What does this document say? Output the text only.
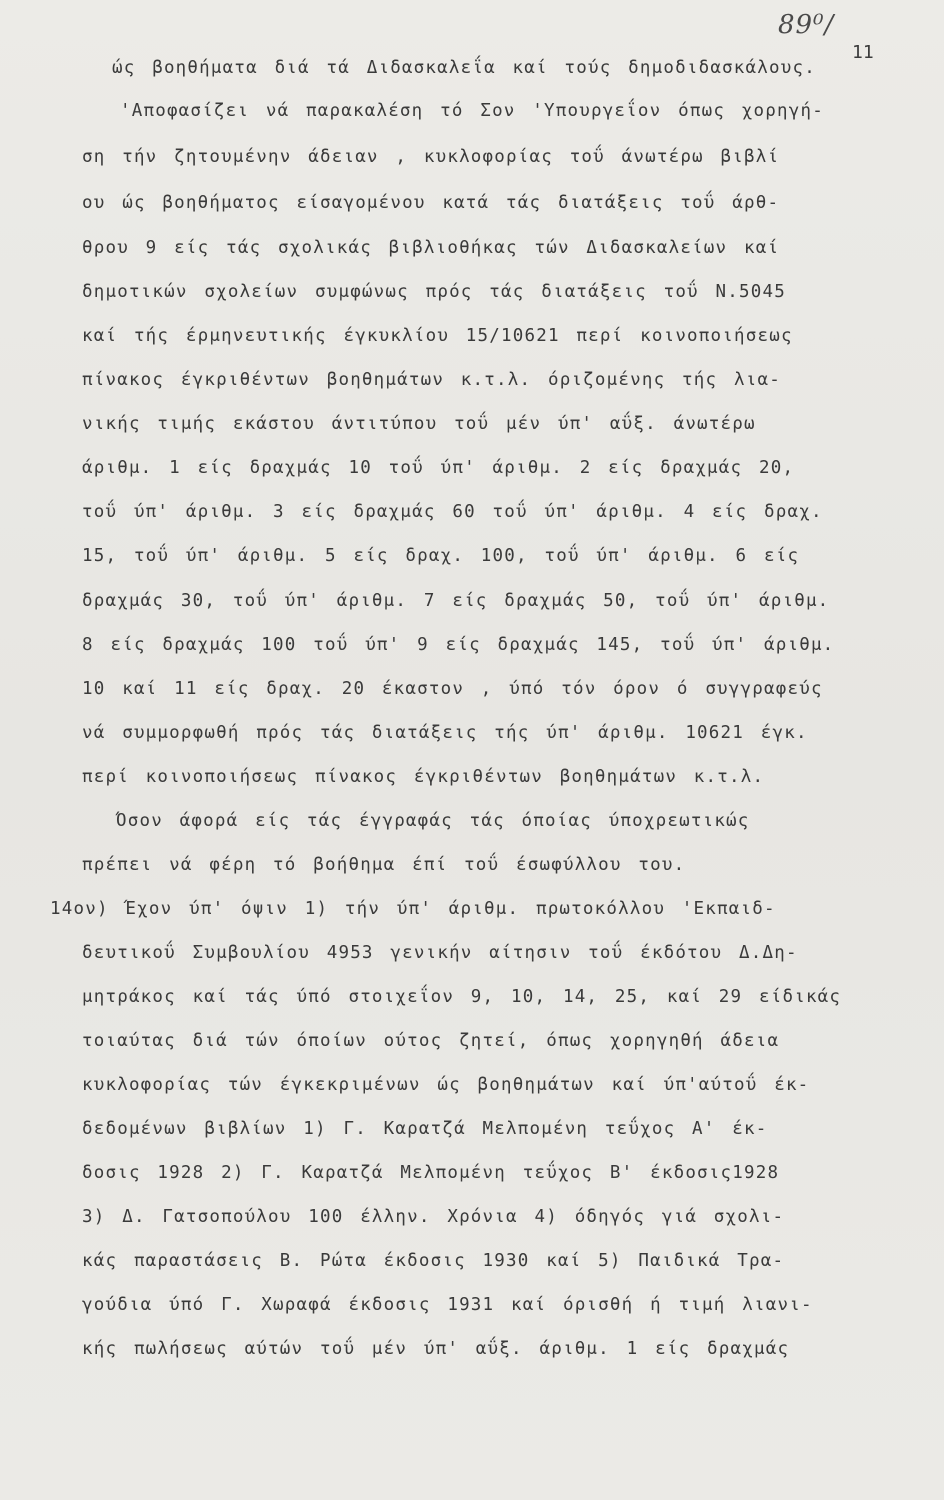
89⁰/
11
ώς βοηθήματα διά τά Διδασκαλεΐα καί τούς δημοδιδασκάλους.
'Αποφασίζει νά παρακαλέση τό Σον 'Υπουργεΐον όπως χορηγή-
ση τήν ζητουμένην άδειαν , κυκλοφορίας τοΰ άνωτέρω βιβλί
ου ώς βοηθήματος είσαγομένου κατά τάς διατάξεις τοΰ άρθ-
θρου 9 είς τάς σχολικάς βιβλιοθήκας τών Διδασκαλείων καί
δημοτικών σχολείων συμφώνως πρός τάς διατάξεις τοΰ Ν.5045
καί τής έρμηνευτικής έγκυκλίου 15/10621 περί κοινοποιήσεως
πίνακος έγκριθέντων βοηθημάτων κ.τ.λ. όριζομένης τής λια-
νικής τιμής εκάστου άντιτύπου τοΰ μέν ύπ' αΰξ. άνωτέρω
άριθμ. 1 είς δραχμάς 10 τοΰ ύπ' άριθμ. 2 είς δραχμάς 20,
τοΰ ύπ' άριθμ. 3 είς δραχμάς 60 τοΰ ύπ' άριθμ. 4 είς δραχ.
15, τοΰ ύπ' άριθμ. 5 είς δραχ. 100, τοΰ ύπ' άριθμ. 6 είς
δραχμάς 30, τοΰ ύπ' άριθμ. 7 είς δραχμάς 50, τοΰ ύπ' άριθμ.
8 είς δραχμάς 100 τοΰ ύπ' 9 είς δραχμάς 145, τοΰ ύπ' άριθμ.
10 καί 11 είς δραχ. 20 έκαστον , ύπό τόν όρον ό συγγραφεύς
νά συμμορφωθή πρός τάς διατάξεις τής ύπ' άριθμ. 10621 έγκ.
περί κοινοποιήσεως πίνακος έγκριθέντων βοηθημάτων κ.τ.λ.
Όσον άφορά είς τάς έγγραφάς τάς όποίας ύποχρεωτικώς
πρέπει νά φέρη τό βοήθημα έπί τοΰ έσωφύλλου του.
14ον) Έχον ύπ' όψιν 1) τήν ύπ' άριθμ. πρωτοκόλλου 'Εκπαιδ-
δευτικοΰ Συμβουλίου 4953 γενικήν αίτησιν τοΰ έκδότου Δ.Δη-
μητράκος καί τάς ύπό στοιχεΐον 9, 10, 14, 25, καί 29 είδικάς
τοιαύτας διά τών όποίων ούτος ζητεί, όπως χορηγηθή άδεια
κυκλοφορίας τών έγκεκριμένων ώς βοηθημάτων καί ύπ'αύτοΰ έκ-
δεδομένων βιβλίων 1) Γ. Καρατζά Μελπομένη τεΰχος Α' έκ-
δοσις 1928 2) Γ. Καρατζά Μελπομένη τεΰχος Β' έκδοσις1928
3) Δ. Γατσοπούλου 100 έλλην. Χρόνια 4) όδηγός γιά σχολι-
κάς παραστάσεις Β. Ρώτα έκδοσις 1930 καί 5) Παιδικά Τρα-
γούδια ύπό Γ. Χωραφά έκδοσις 1931 καί όρισθή ή τιμή λιανι-
κής πωλήσεως αύτών τοΰ μέν ύπ' αΰξ. άριθμ. 1 είς δραχμάς
